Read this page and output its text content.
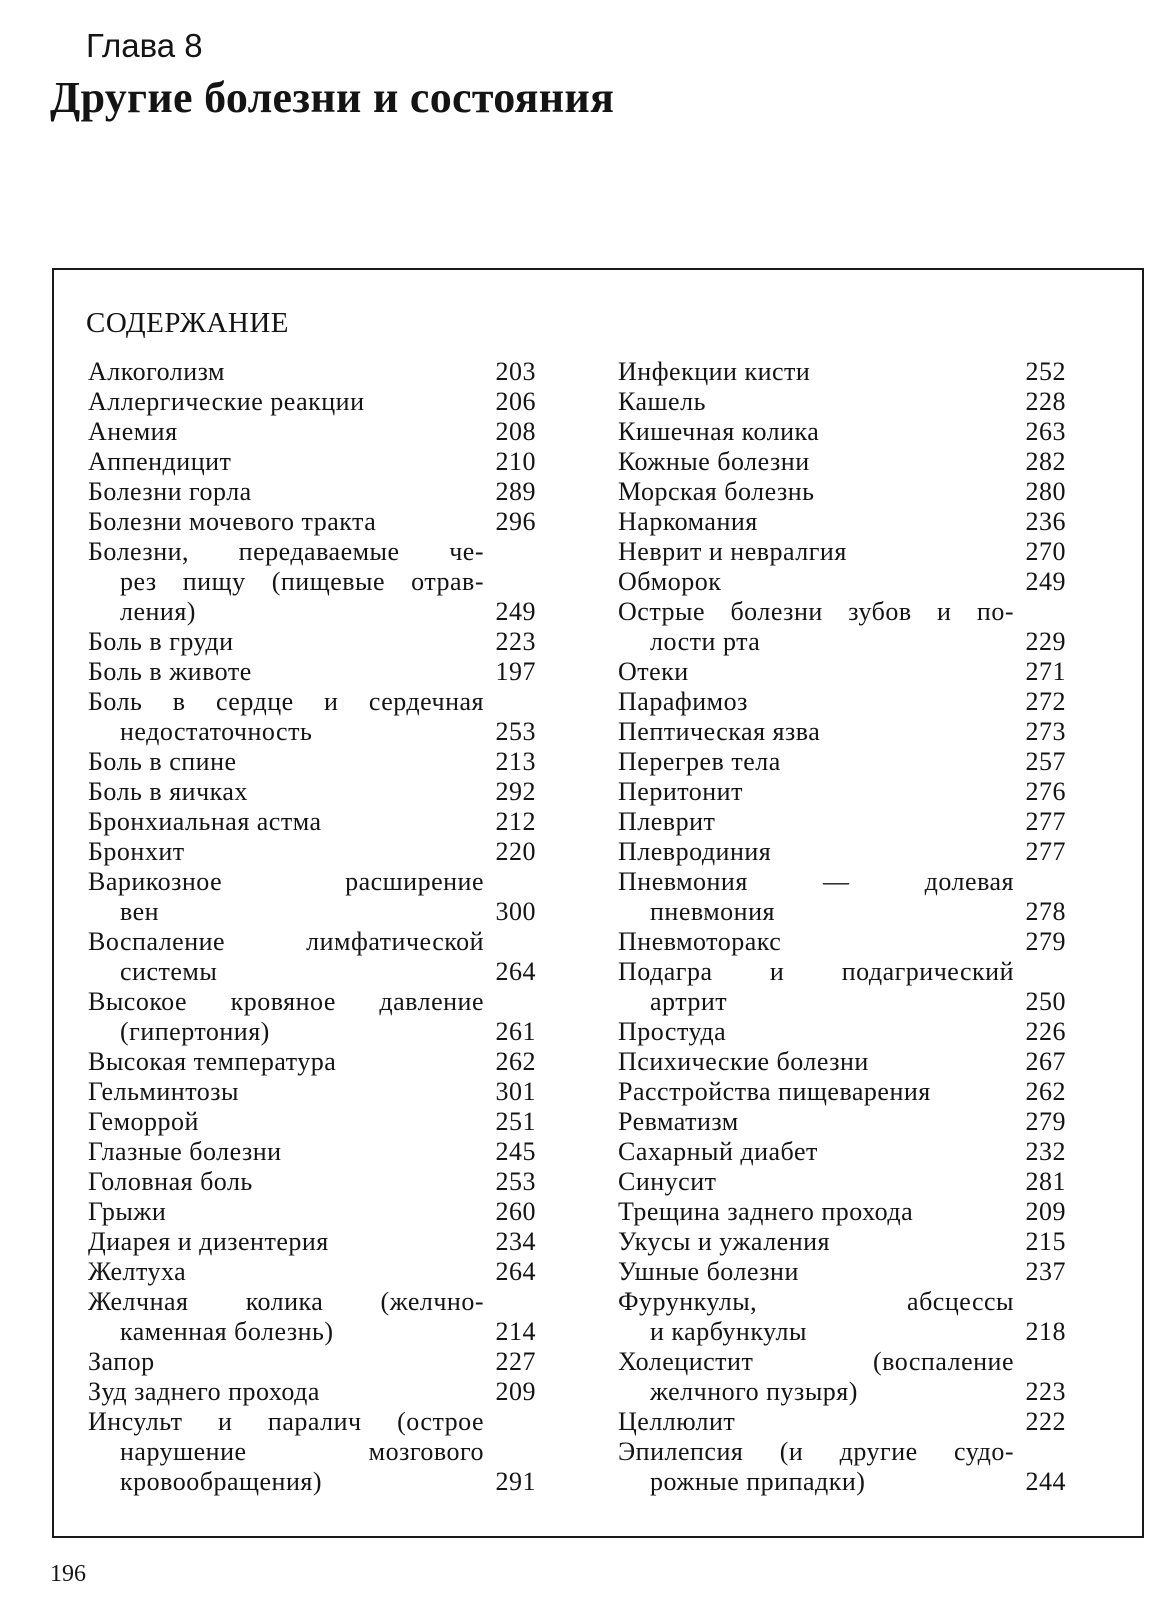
Глава 8
Другие болезни и состояния
СОДЕРЖАНИЕ
Алкоголизм	203
Аллергические реакции	206
Анемия	208
Аппендицит	210
Болезни горла	289
Болезни мочевого тракта	296
Болезни, передаваемые че-
рез пищу (пищевые отрав-
ления)	249
Боль в груди	223
Боль в животе	197
Боль в сердце и сердечная
недостаточность	253
Боль в спине	213
Боль в яичках	292
Бронхиальная астма	212
Бронхит	220
Варикозное расширение
вен	300
Воспаление лимфатической
системы	264
Высокое кровяное давление
(гипертония)	261
Высокая температура	262
Гельминтозы	301
Геморрой	251
Глазные болезни	245
Головная боль	253
Грыжи	260
Диарея и дизентерия	234
Желтуха	264
Желчная колика (желчно-
каменная болезнь)	214
Запор	227
Зуд заднего прохода	209
Инсульт и паралич (острое
нарушение мозгового
кровообращения)	291
Инфекции кисти	252
Кашель	228
Кишечная колика	263
Кожные болезни	282
Морская болезнь	280
Наркомания	236
Неврит и невралгия	270
Обморок	249
Острые болезни зубов и по-
лости рта	229
Отеки	271
Парафимоз	272
Пептическая язва	273
Перегрев тела	257
Перитонит	276
Плеврит	277
Плевродиния	277
Пневмония — долевая
пневмония	278
Пневмоторакс	279
Подагра и подагрический
артрит	250
Простуда	226
Психические болезни	267
Расстройства пищеварения	262
Ревматизм	279
Сахарный диабет	232
Синусит	281
Трещина заднего прохода	209
Укусы и ужаления	215
Ушные болезни	237
Фурункулы, абсцессы
и карбункулы	218
Холецистит (воспаление
желчного пузыря)	223
Целлюлит	222
Эпилепсия (и другие судо-
рожные припадки)	244
196
